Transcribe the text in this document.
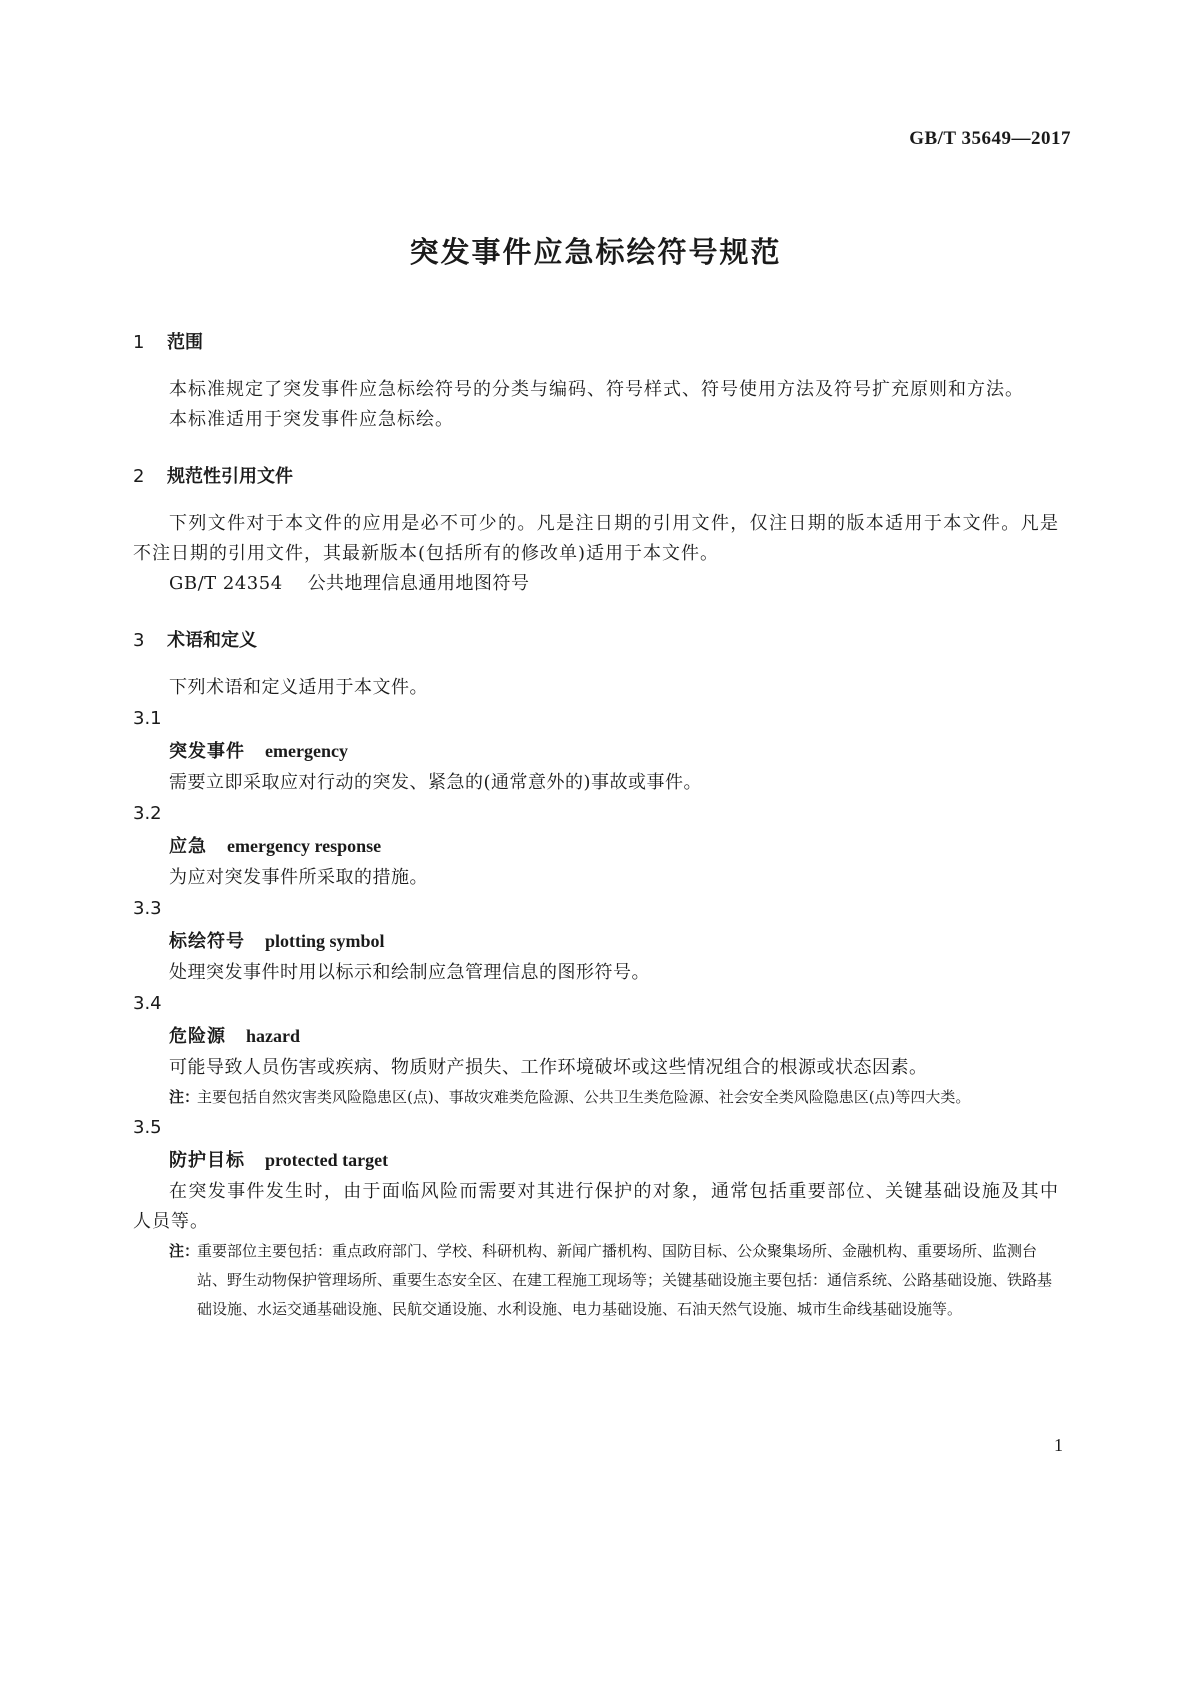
GB/T 35649—2017
突发事件应急标绘符号规范
1 范围
本标准规定了突发事件应急标绘符号的分类与编码、符号样式、符号使用方法及符号扩充原则和方法。
本标准适用于突发事件应急标绘。
2 规范性引用文件
下列文件对于本文件的应用是必不可少的。凡是注日期的引用文件，仅注日期的版本适用于本文件。凡是不注日期的引用文件，其最新版本(包括所有的修改单)适用于本文件。
GB/T 24354 公共地理信息通用地图符号
3 术语和定义
下列术语和定义适用于本文件。
3.1
突发事件 emergency
需要立即采取应对行动的突发、紧急的(通常意外的)事故或事件。
3.2
应急 emergency response
为应对突发事件所采取的措施。
3.3
标绘符号 plotting symbol
处理突发事件时用以标示和绘制应急管理信息的图形符号。
3.4
危险源 hazard
可能导致人员伤害或疾病、物质财产损失、工作环境破坏或这些情况组合的根源或状态因素。
注：
主要包括自然灾害类风险隐患区(点)、事故灾难类危险源、公共卫生类危险源、社会安全类风险隐患区(点)等四大类。
3.5
防护目标 protected target
在突发事件发生时，由于面临风险而需要对其进行保护的对象，通常包括重要部位、关键基础设施及其中人员等。
注：
重要部位主要包括：重点政府部门、学校、科研机构、新闻广播机构、国防目标、公众聚集场所、金融机构、重要场所、监测台站、野生动物保护管理场所、重要生态安全区、在建工程施工现场等；关键基础设施主要包括：通信系统、公路基础设施、铁路基础设施、水运交通基础设施、民航交通设施、水利设施、电力基础设施、石油天然气设施、城市生命线基础设施等。
1
